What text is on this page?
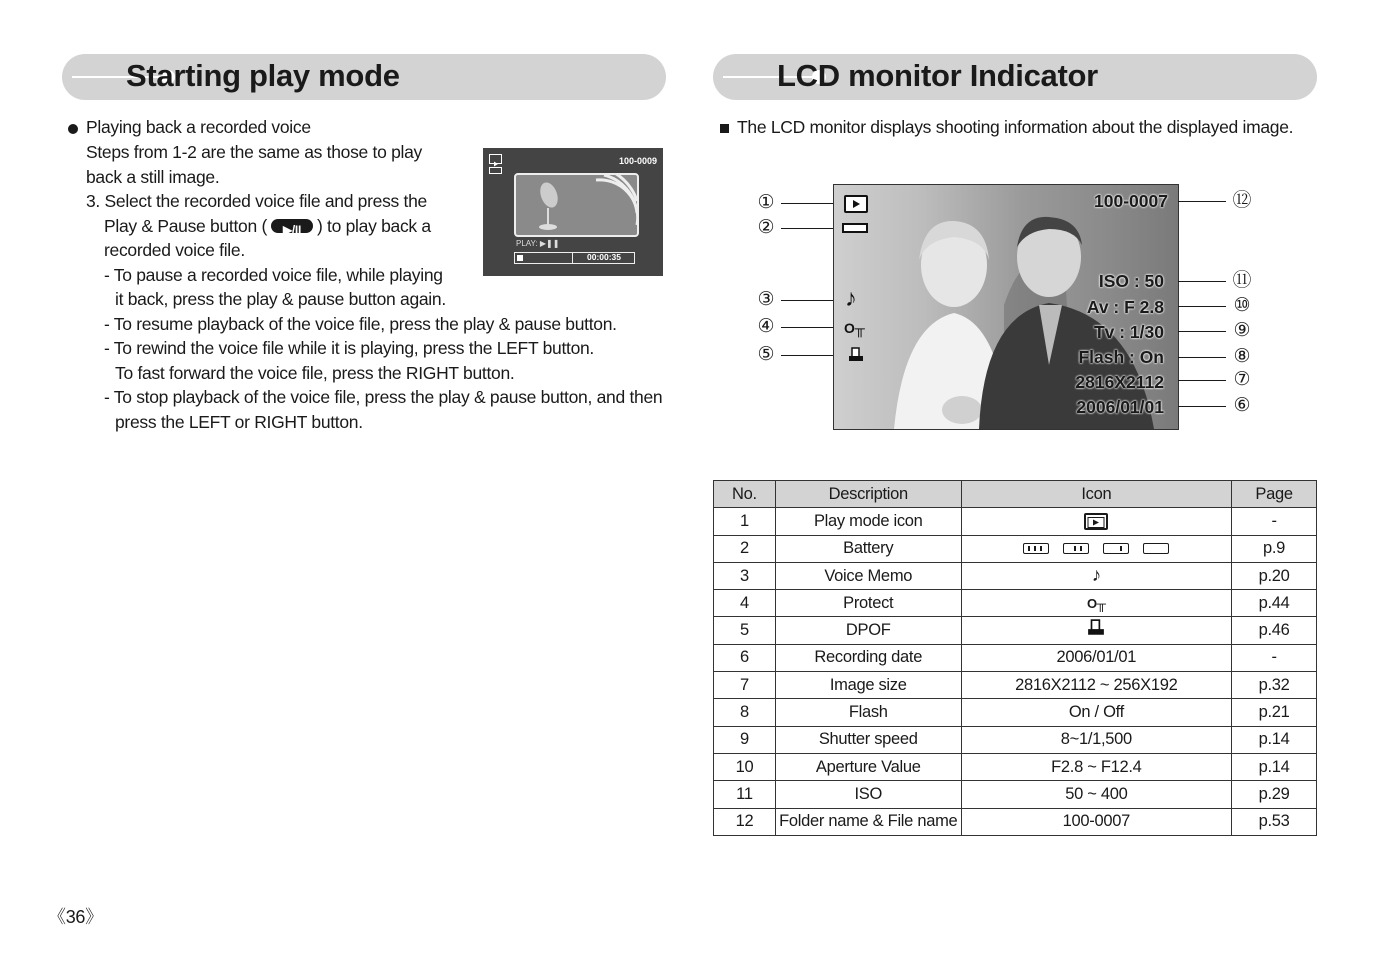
Starting play mode	LCD monitor Indicator
Playing back a recorded voice
Steps from 1-2 are the same as those to play
back a still image.
3. Select the recorded voice file and press the
Play & Pause button (	▶/II ) to play back a
recorded voice file.
- To pause a recorded voice file, while playing
it back, press the play & pause button again.
- To resume playback of the voice file, press the play & pause button.
- To rewind the voice file while it is playing, press the LEFT button.
To fast forward the voice file, press the RIGHT button.
- To stop playback of the voice file, press the play & pause button, and then
press the LEFT or RIGHT button.
100-0009
PLAY: ▶❚❚
00:00:35
The LCD monitor displays shooting information about the displayed image.
♪
O╥
100-0007
ISO : 50
Av : F 2.8
Tv : 1/30
Flash : On
2816X2112
2006/01/01
①
②
③
④
⑤
⑫
⑪
⑩
⑨
⑧
⑦
⑥
No.	Description	Icon	Page
1	Play mode icon		-
2	Battery		p.9
3	Voice Memo	♪	p.20
4	Protect	O╥	p.44
5	DPOF		p.46
6	Recording date	2006/01/01	-
7	Image size	2816X2112 ~ 256X192	p.32
8	Flash	On / Off	p.21
9	Shutter speed	8~1/1,500	p.14
10	Aperture Value	F2.8 ~ F12.4	p.14
11	ISO	50 ~ 400	p.29
12	Folder name & File name	100-0007	p.53
《36》
